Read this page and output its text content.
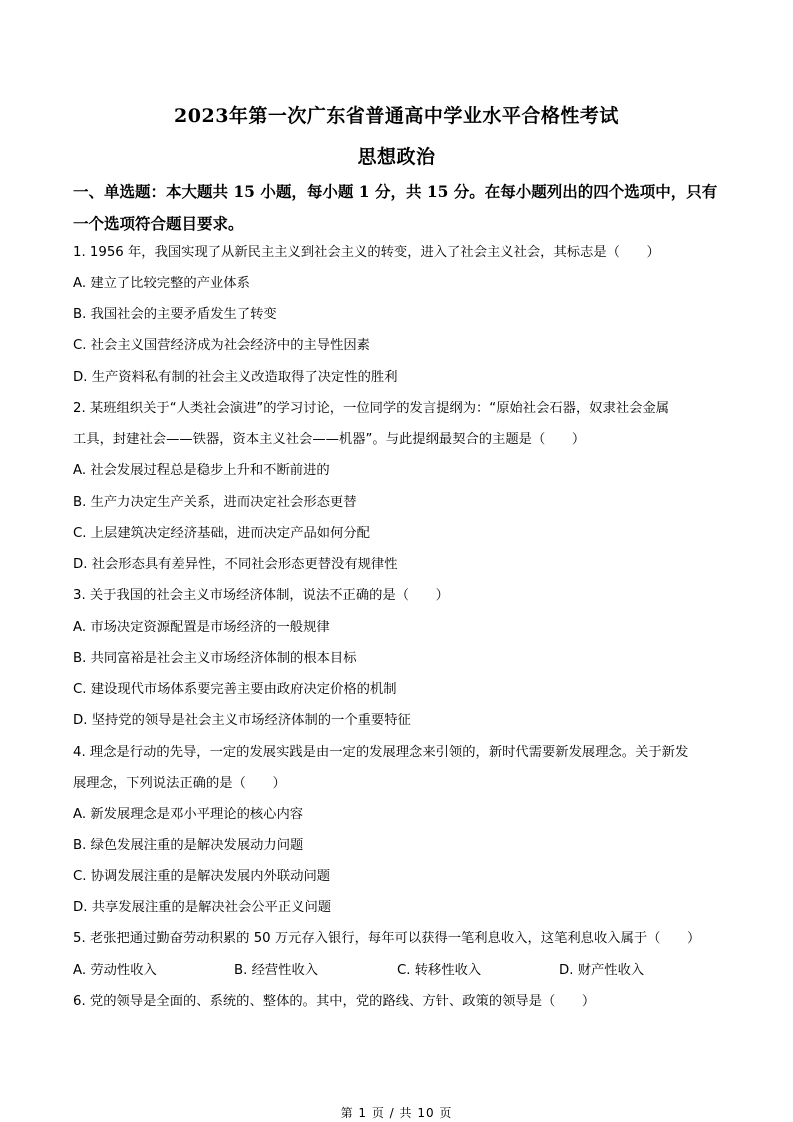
2023年第一次广东省普通高中学业水平合格性考试
思想政治
一、单选题：本大题共 15 小题，每小题 1 分，共 15 分。在每小题列出的四个选项中，只有一个选项符合题目要求。
1. 1956 年，我国实现了从新民主主义到社会主义的转变，进入了社会主义社会，其标志是（　　）
A. 建立了比较完整的产业体系
B. 我国社会的主要矛盾发生了转变
C. 社会主义国营经济成为社会经济中的主导性因素
D. 生产资料私有制的社会主义改造取得了决定性的胜利
2. 某班组织关于“人类社会演进”的学习讨论，一位同学的发言提纲为：“原始社会石器，奴隶社会金属
工具，封建社会——铁器，资本主义社会——机器”。与此提纲最契合的主题是（　　）
A. 社会发展过程总是稳步上升和不断前进的
B. 生产力决定生产关系，进而决定社会形态更替
C. 上层建筑决定经济基础，进而决定产品如何分配
D. 社会形态具有差异性，不同社会形态更替没有规律性
3. 关于我国的社会主义市场经济体制，说法不正确的是（　　）
A. 市场决定资源配置是市场经济的一般规律
B. 共同富裕是社会主义市场经济体制的根本目标
C. 建设现代市场体系要完善主要由政府决定价格的机制
D. 坚持党的领导是社会主义市场经济体制的一个重要特征
4. 理念是行动的先导，一定的发展实践是由一定的发展理念来引领的，新时代需要新发展理念。关于新发
展理念，下列说法正确的是（　　）
A. 新发展理念是邓小平理论的核心内容
B. 绿色发展注重的是解决发展动力问题
C. 协调发展注重的是解决发展内外联动问题
D. 共享发展注重的是解决社会公平正义问题
5. 老张把通过勤奋劳动积累的 50 万元存入银行，每年可以获得一笔利息收入，这笔利息收入属于（　　）
A. 劳动性收入	B. 经营性收入	C. 转移性收入	D. 财产性收入
6. 党的领导是全面的、系统的、整体的。其中，党的路线、方针、政策的领导是（　　）
第 1 页 / 共 10 页
